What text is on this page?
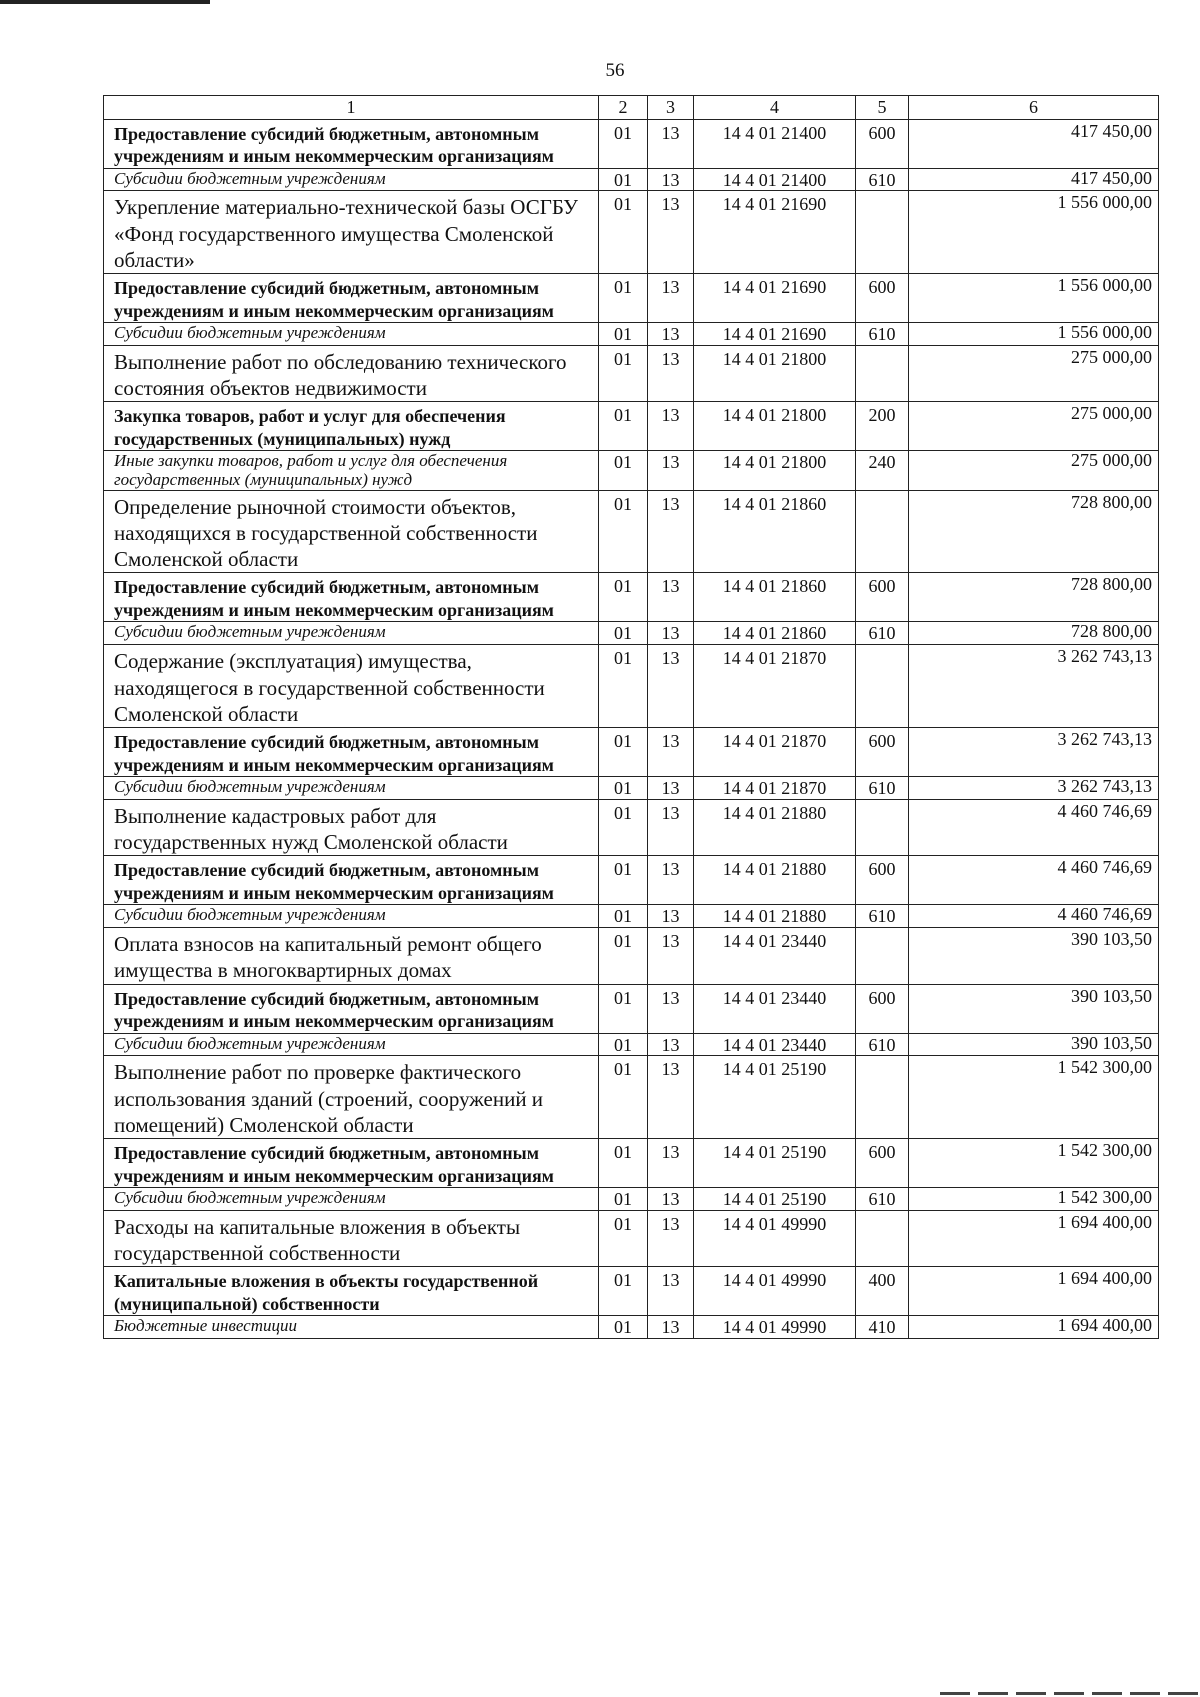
56
1	2	3	4	5	6
Предоставление субсидий бюджетным, автономным учреждениям и иным некоммерческим организациям	01	13	14 4 01 21400	600	417 450,00
Субсидии бюджетным учреждениям	01	13	14 4 01 21400	610	417 450,00
Укрепление материально-технической базы ОСГБУ «Фонд государственного имущества Смоленской области»	01	13	14 4 01 21690		1 556 000,00
Предоставление субсидий бюджетным, автономным учреждениям и иным некоммерческим организациям	01	13	14 4 01 21690	600	1 556 000,00
Субсидии бюджетным учреждениям	01	13	14 4 01 21690	610	1 556 000,00
Выполнение работ по обследованию технического состояния объектов недвижимости	01	13	14 4 01 21800		275 000,00
Закупка товаров, работ и услуг для обеспечения государственных (муниципальных) нужд	01	13	14 4 01 21800	200	275 000,00
Иные закупки товаров, работ и услуг для обеспечения государственных (муниципальных) нужд	01	13	14 4 01 21800	240	275 000,00
Определение рыночной стоимости объектов, находящихся в государственной собственности Смоленской области	01	13	14 4 01 21860		728 800,00
Предоставление субсидий бюджетным, автономным учреждениям и иным некоммерческим организациям	01	13	14 4 01 21860	600	728 800,00
Субсидии бюджетным учреждениям	01	13	14 4 01 21860	610	728 800,00
Содержание (эксплуатация) имущества, находящегося в государственной собственности Смоленской области	01	13	14 4 01 21870		3 262 743,13
Предоставление субсидий бюджетным, автономным учреждениям и иным некоммерческим организациям	01	13	14 4 01 21870	600	3 262 743,13
Субсидии бюджетным учреждениям	01	13	14 4 01 21870	610	3 262 743,13
Выполнение кадастровых работ для государственных нужд Смоленской области	01	13	14 4 01 21880		4 460 746,69
Предоставление субсидий бюджетным, автономным учреждениям и иным некоммерческим организациям	01	13	14 4 01 21880	600	4 460 746,69
Субсидии бюджетным учреждениям	01	13	14 4 01 21880	610	4 460 746,69
Оплата взносов на капитальный ремонт общего имущества в многоквартирных домах	01	13	14 4 01 23440		390 103,50
Предоставление субсидий бюджетным, автономным учреждениям и иным некоммерческим организациям	01	13	14 4 01 23440	600	390 103,50
Субсидии бюджетным учреждениям	01	13	14 4 01 23440	610	390 103,50
Выполнение работ по проверке фактического использования зданий (строений, сооружений и помещений) Смоленской области	01	13	14 4 01 25190		1 542 300,00
Предоставление субсидий бюджетным, автономным учреждениям и иным некоммерческим организациям	01	13	14 4 01 25190	600	1 542 300,00
Субсидии бюджетным учреждениям	01	13	14 4 01 25190	610	1 542 300,00
Расходы на капитальные вложения в объекты государственной собственности	01	13	14 4 01 49990		1 694 400,00
Капитальные вложения в объекты государственной (муниципальной) собственности	01	13	14 4 01 49990	400	1 694 400,00
Бюджетные инвестиции	01	13	14 4 01 49990	410	1 694 400,00
